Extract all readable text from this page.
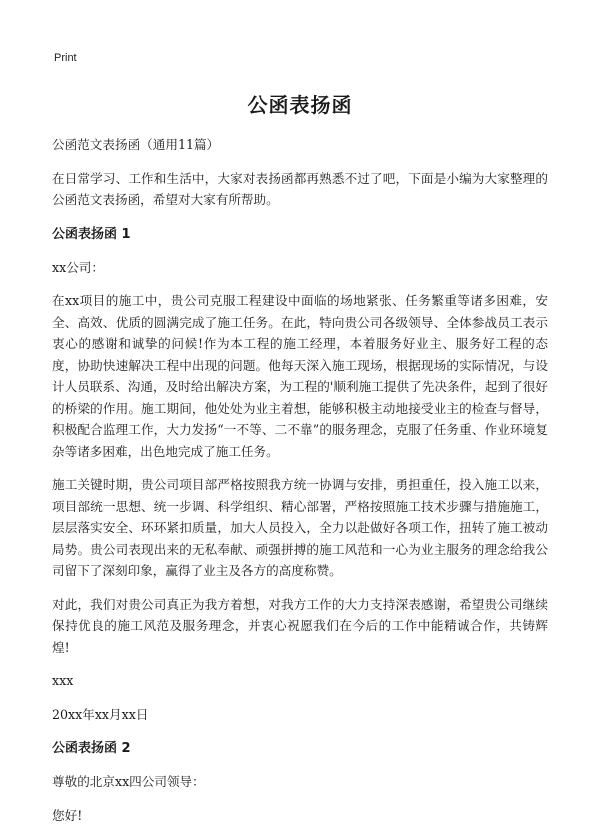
Print
公函表扬函

公函范文表扬函（通用11篇）

在日常学习、工作和生活中，大家对表扬函都再熟悉不过了吧，下面是小编为大家整理的公函范文表扬函，希望对大家有所帮助。

公函表扬函 1

xx公司：

在xx项目的施工中，贵公司克服工程建设中面临的场地紧张、任务繁重等诸多困难，安全、高效、优质的圆满完成了施工任务。在此，特向贵公司各级领导、全体参战员工表示衷心的感谢和诚挚的问候!作为本工程的施工经理，本着服务好业主、服务好工程的态度，协助快速解决工程中出现的问题。他每天深入施工现场，根据现场的实际情况，与设计人员联系、沟通，及时给出解决方案，为工程的'顺利施工提供了先决条件，起到了很好的桥梁的作用。施工期间，他处处为业主着想，能够积极主动地接受业主的检查与督导，积极配合监理工作，大力发扬“一不等、二不靠”的服务理念，克服了任务重、作业环境复杂等诸多困难，出色地完成了施工任务。

施工关键时期，贵公司项目部严格按照我方统一协调与安排，勇担重任，投入施工以来，项目部统一思想、统一步调、科学组织、精心部署，严格按照施工技术步骤与措施施工，层层落实安全、环环紧扣质量，加大人员投入，全力以赴做好各项工作，扭转了施工被动局势。贵公司表现出来的无私奉献、顽强拼搏的施工风范和一心为业主服务的理念给我公司留下了深刻印象，赢得了业主及各方的高度称赞。

对此，我们对贵公司真正为我方着想，对我方工作的大力支持深表感谢，希望贵公司继续保持优良的施工风范及服务理念，并衷心祝愿我们在今后的工作中能精诚合作，共铸辉煌!

xxx

20xx年xx月xx日

公函表扬函 2

尊敬的北京xx四公司领导：

您好!
